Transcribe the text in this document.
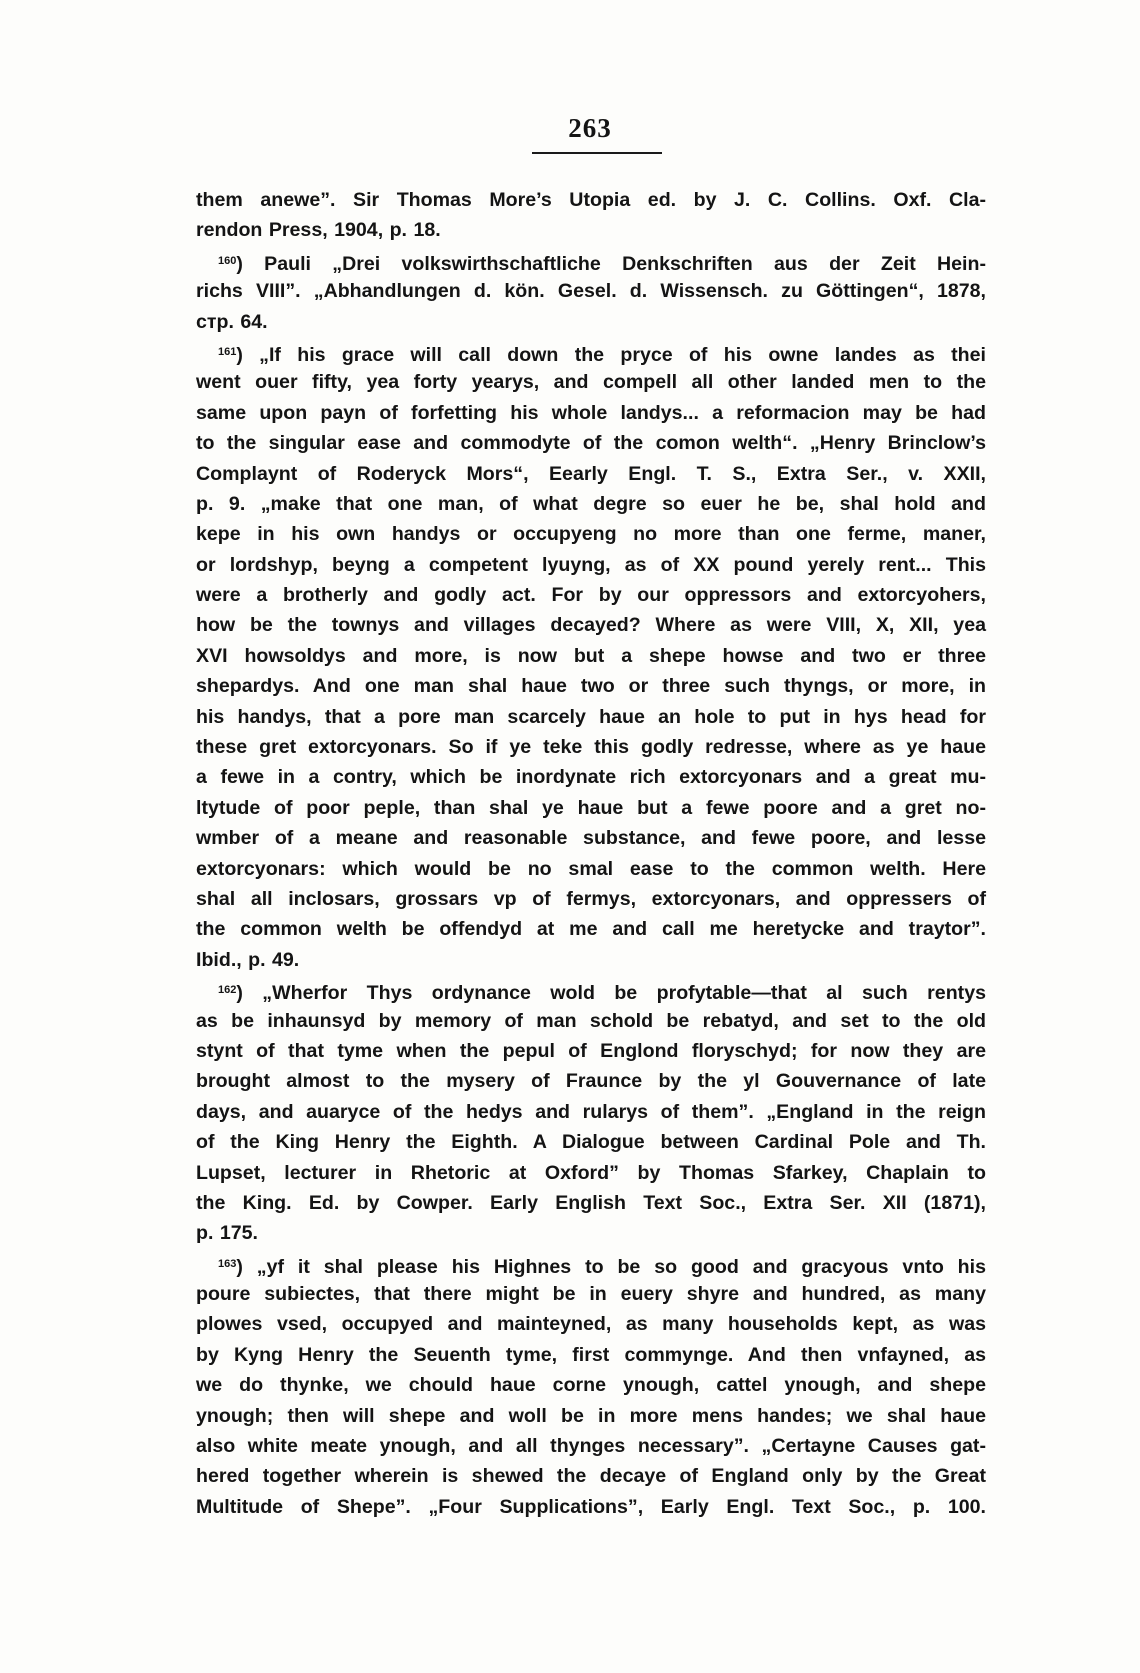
263
them anewe”. Sir Thomas More’s Utopia ed. by J. C. Collins. Oxf. Cla-
rendon Press, 1904, p. 18.
$^{160}$) Pauli „Drei volkswirthschaftliche Denkschriften aus der Zeit Hein-
richs VIII”. „Abhandlungen d. kön. Gesel. d. Wissensch. zu Göttingen“, 1878,
стр. 64.
$^{161}$) „If his grace will call down the pryce of his owne landes as thei
went ouer fifty, yea forty yearys, and compell all other landed men to the
same upon payn of forfetting his whole landys... a reformacion may be had
to the singular ease and commodyte of the comon welth“. „Henry Brinclow’s
Complaynt of Roderyck Mors“, Eearly Engl. T. S., Extra Ser., v. XXII,
p. 9. „make that one man, of what degre so euer he be, shal hold and
kepe in his own handys or occupyeng no more than one ferme, maner,
or lordshyp, beyng a competent lyuyng, as of XX pound yerely rent... This
were a brotherly and godly act. For by our oppressors and extorcyohers,
how be the townys and villages decayed? Where as were VIII, X, XII, yea
XVI howsoldys and more, is now but a shepe howse and two er three
shepardys. And one man shal haue two or three such thyngs, or more, in
his handys, that a pore man scarcely haue an hole to put in hys head for
these gret extorcyonars. So if ye teke this godly redresse, where as ye haue
a fewe in a contry, which be inordynate rich extorcyonars and a great mu-
ltytude of poor peple, than shal ye haue but a fewe poore and a gret no-
wmber of a meane and reasonable substance, and fewe poore, and lesse
extorcyonars: which would be no smal ease to the common welth. Here
shal all inclosars, grossars vp of fermys, extorcyonars, and oppressers of
the common welth be offendyd at me and call me heretycke and traytor”.
Ibid., p. 49.
$^{162}$) „Wherfor Thys ordynance wold be profytable—that al such rentys
as be inhaunsyd by memory of man schold be rebatyd, and set to the old
stynt of that tyme when the pepul of Englond floryschyd; for now they are
brought almost to the mysery of Fraunce by the yl Gouvernance of late
days, and auaryce of the hedys and rularys of them”. „England in the reign
of the King Henry the Eighth. A Dialogue between Cardinal Pole and Th.
Lupset, lecturer in Rhetoric at Oxford” by Thomas Sfarkey, Chaplain to
the King. Ed. by Cowper. Early English Text Soc., Extra Ser. XII (1871),
p. 175.
$^{163}$) „yf it shal please his Highnes to be so good and gracyous vnto his
poure subiectes, that there might be in euery shyre and hundred, as many
plowes vsed, occupyed and mainteyned, as many households kept, as was
by Kyng Henry the Seuenth tyme, first commynge. And then vnfayned, as
we do thynke, we chould haue corne ynough, cattel ynough, and shepe
ynough; then will shepe and woll be in more mens handes; we shal haue
also white meate ynough, and all thynges necessary”. „Certayne Causes gat-
hered together wherein is shewed the decaye of England only by the Great
Multitude of Shepe”. „Four Supplications”, Early Engl. Text Soc., p. 100.
